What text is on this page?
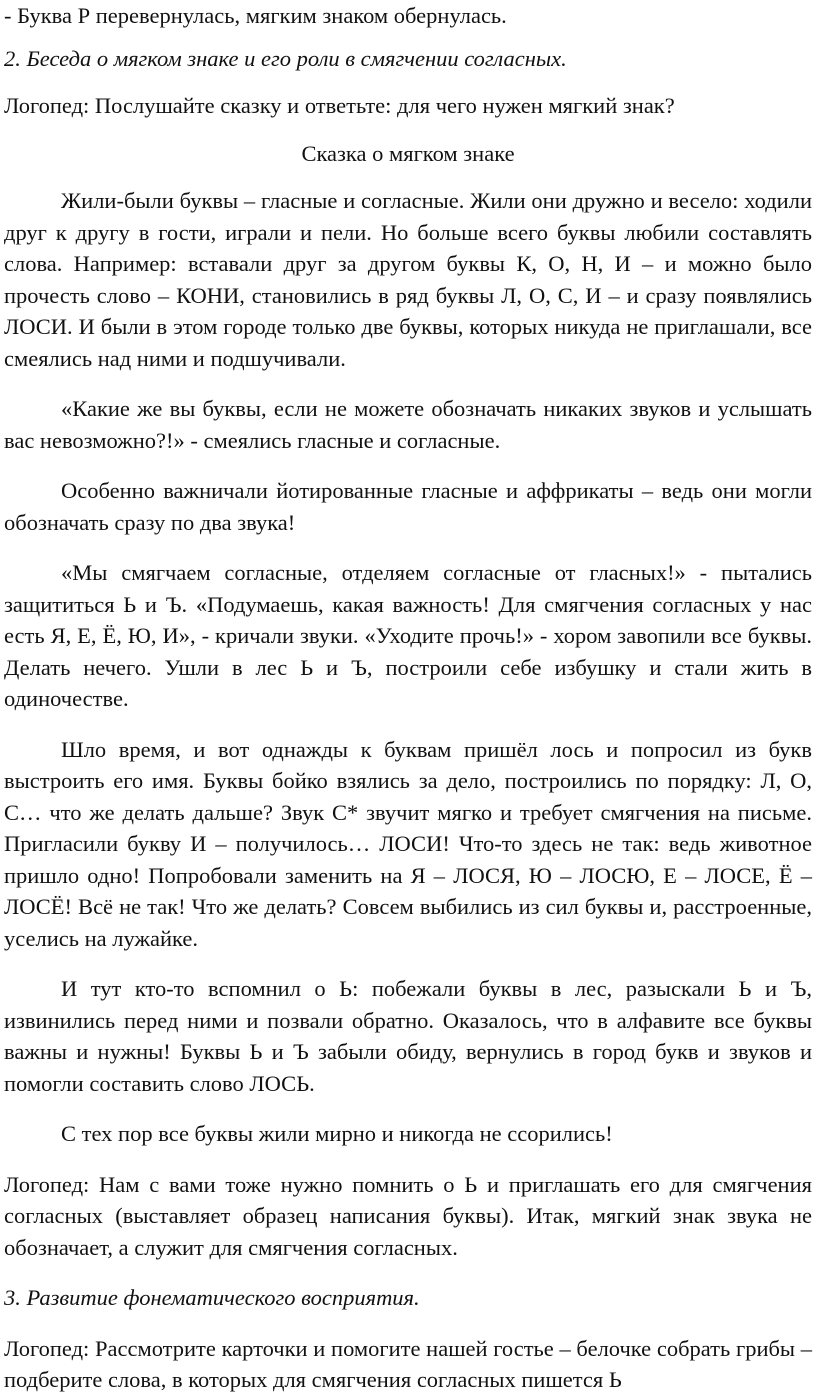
- Буква Р перевернулась, мягким знаком обернулась.

2. Беседа о мягком знаке и его роли в смягчении согласных.

Логопед: Послушайте сказку и ответьте: для чего нужен мягкий знак?

Сказка о мягком знаке

Жили-были буквы – гласные и согласные. Жили они дружно и весело: ходили друг к другу в гости, играли и пели. Но больше всего буквы любили составлять слова. Например: вставали друг за другом буквы К, О, Н, И – и можно было прочесть слово – КОНИ, становились в ряд буквы Л, О, С, И – и сразу появлялись ЛОСИ. И были в этом городе только две буквы, которых никуда не приглашали, все смеялись над ними и подшучивали.

«Какие же вы буквы, если не можете обозначать никаких звуков и услышать вас невозможно?!» - смеялись гласные и согласные.

Особенно важничали йотированные гласные и аффрикаты – ведь они могли обозначать сразу по два звука!

«Мы смягчаем согласные, отделяем согласные от гласных!» - пытались защититься Ь и Ъ. «Подумаешь, какая важность! Для смягчения согласных у нас есть Я, Е, Ё, Ю, И», - кричали звуки. «Уходите прочь!» - хором завопили все буквы. Делать нечего. Ушли в лес Ь и Ъ, построили себе избушку и стали жить в одиночестве.

Шло время, и вот однажды к буквам пришёл лось и попросил из букв выстроить его имя. Буквы бойко взялись за дело, построились по порядку: Л, О, С… что же делать дальше? Звук С* звучит мягко и требует смягчения на письме. Пригласили букву И – получилось… ЛОСИ! Что-то здесь не так: ведь животное пришло одно! Попробовали заменить на Я – ЛОСЯ, Ю – ЛОСЮ, Е – ЛОСЕ, Ё – ЛОСЁ! Всё не так! Что же делать? Совсем выбились из сил буквы и, расстроенные, уселись на лужайке.

И тут кто-то вспомнил о Ь: побежали буквы в лес, разыскали Ь и Ъ, извинились перед ними и позвали обратно. Оказалось, что в алфавите все буквы важны и нужны! Буквы Ь и Ъ забыли обиду, вернулись в город букв и звуков и помогли составить слово ЛОСЬ.

С тех пор все буквы жили мирно и никогда не ссорились!

Логопед: Нам с вами тоже нужно помнить о Ь и приглашать его для смягчения согласных (выставляет образец написания буквы). Итак, мягкий знак звука не обозначает, а служит для смягчения согласных.

3. Развитие фонематического восприятия.

Логопед: Рассмотрите карточки и помогите нашей гостье – белочке собрать грибы – подберите слова, в которых для смягчения согласных пишется Ь
